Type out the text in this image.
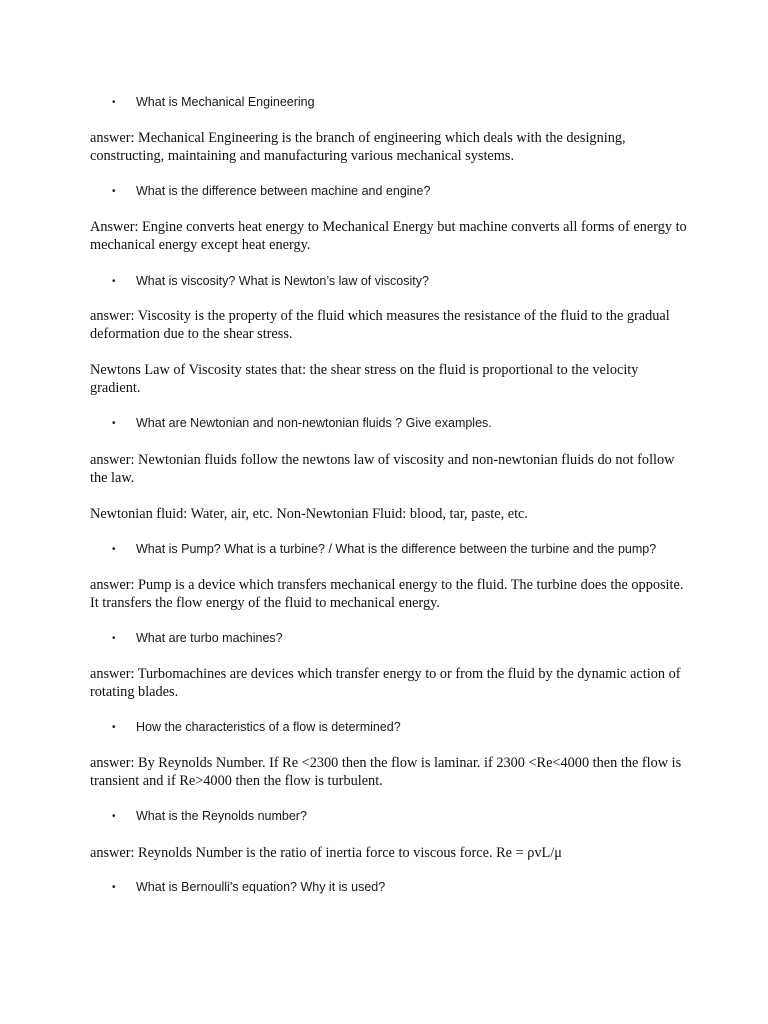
• What is Mechanical Engineering
answer: Mechanical Engineering is the branch of engineering which deals with the designing, constructing, maintaining and manufacturing various mechanical systems.
• What is the difference between machine and engine?
Answer: Engine converts heat energy to Mechanical Energy but machine converts all forms of energy to mechanical energy except heat energy.
• What is viscosity? What is Newton’s law of viscosity?
answer: Viscosity is the property of the fluid which measures the resistance of the fluid to the gradual deformation due to the shear stress.
Newtons Law of Viscosity states that: the shear stress on the fluid is proportional to the velocity gradient.
• What are Newtonian and non-newtonian fluids ? Give examples.
answer: Newtonian fluids follow the newtons law of viscosity and non-newtonian fluids do not follow the law.
Newtonian fluid: Water, air, etc. Non-Newtonian Fluid: blood, tar, paste, etc.
• What is Pump? What is a turbine? / What is the difference between the turbine and the pump?
answer: Pump is a device which transfers mechanical energy to the fluid. The turbine does the opposite. It transfers the flow energy of the fluid to mechanical energy.
• What are turbo machines?
answer: Turbomachines are devices which transfer energy to or from the fluid by the dynamic action of rotating blades.
• How the characteristics of a flow is determined?
answer: By Reynolds Number. If Re <2300 then the flow is laminar. if 2300 <Re<4000 then the flow is transient and if Re>4000 then the flow is turbulent.
• What is the Reynolds number?
answer: Reynolds Number is the ratio of inertia force to viscous force. Re = ρvL/μ
• What is Bernoulli’s equation? Why it is used?
